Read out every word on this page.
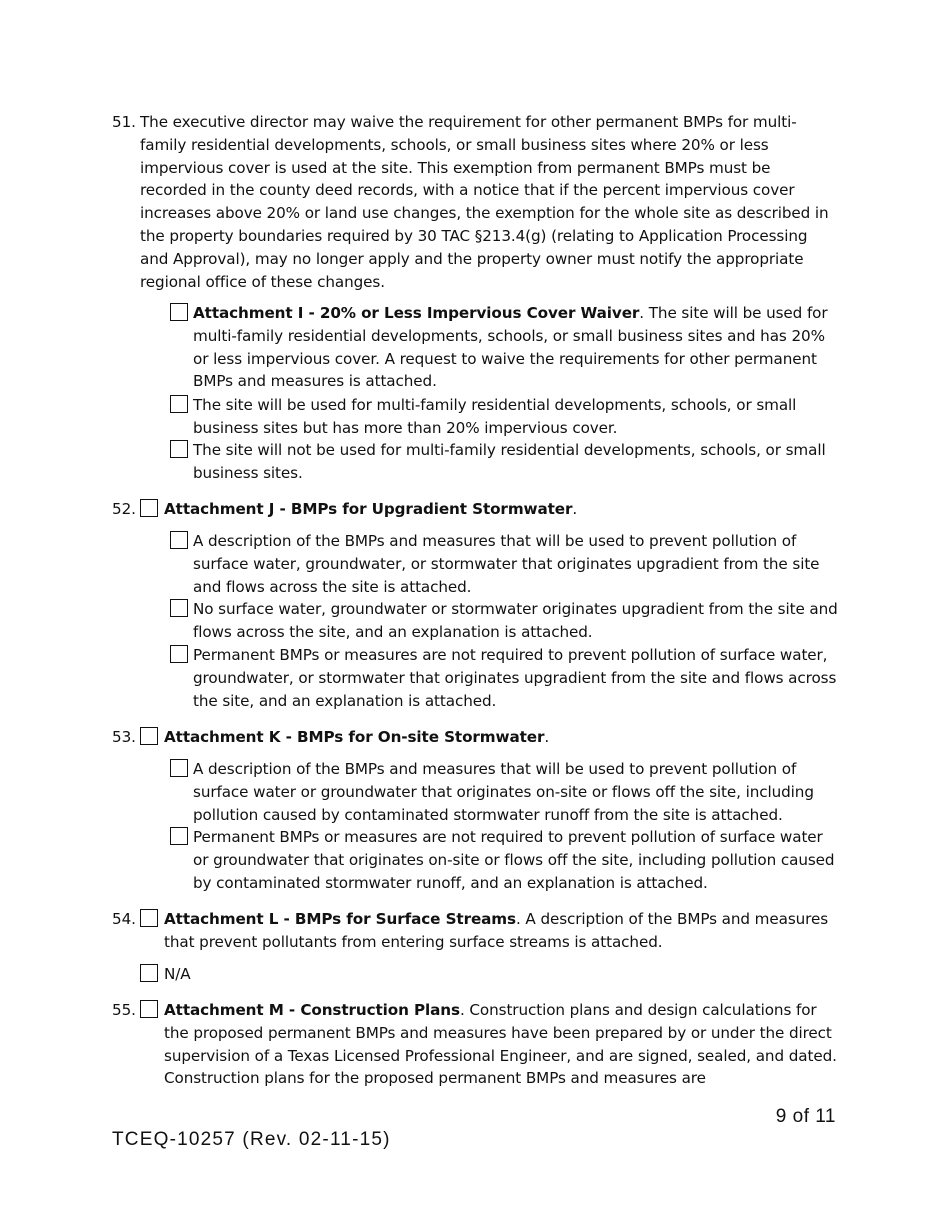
51. The executive director may waive the requirement for other permanent BMPs for multi-family residential developments, schools, or small business sites where 20% or less impervious cover is used at the site. This exemption from permanent BMPs must be recorded in the county deed records, with a notice that if the percent impervious cover increases above 20% or land use changes, the exemption for the whole site as described in the property boundaries required by 30 TAC §213.4(g) (relating to Application Processing and Approval), may no longer apply and the property owner must notify the appropriate regional office of these changes.
Attachment I - 20% or Less Impervious Cover Waiver. The site will be used for multi-family residential developments, schools, or small business sites and has 20% or less impervious cover. A request to waive the requirements for other permanent BMPs and measures is attached.
The site will be used for multi-family residential developments, schools, or small business sites but has more than 20% impervious cover.
The site will not be used for multi-family residential developments, schools, or small business sites.
52.	Attachment J - BMPs for Upgradient Stormwater.
A description of the BMPs and measures that will be used to prevent pollution of surface water, groundwater, or stormwater that originates upgradient from the site and flows across the site is attached.
No surface water, groundwater or stormwater originates upgradient from the site and flows across the site, and an explanation is attached.
Permanent BMPs or measures are not required to prevent pollution of surface water, groundwater, or stormwater that originates upgradient from the site and flows across the site, and an explanation is attached.
53.	Attachment K - BMPs for On-site Stormwater.
A description of the BMPs and measures that will be used to prevent pollution of surface water or groundwater that originates on-site or flows off the site, including pollution caused by contaminated stormwater runoff from the site is attached.
Permanent BMPs or measures are not required to prevent pollution of surface water or groundwater that originates on-site or flows off the site, including pollution caused by contaminated stormwater runoff, and an explanation is attached.
54.	Attachment L - BMPs for Surface Streams. A description of the BMPs and measures that prevent pollutants from entering surface streams is attached.
N/A
55.	Attachment M - Construction Plans. Construction plans and design calculations for the proposed permanent BMPs and measures have been prepared by or under the direct supervision of a Texas Licensed Professional Engineer, and are signed, sealed, and dated. Construction plans for the proposed permanent BMPs and measures are
9 of 11
TCEQ-10257 (Rev. 02-11-15)
